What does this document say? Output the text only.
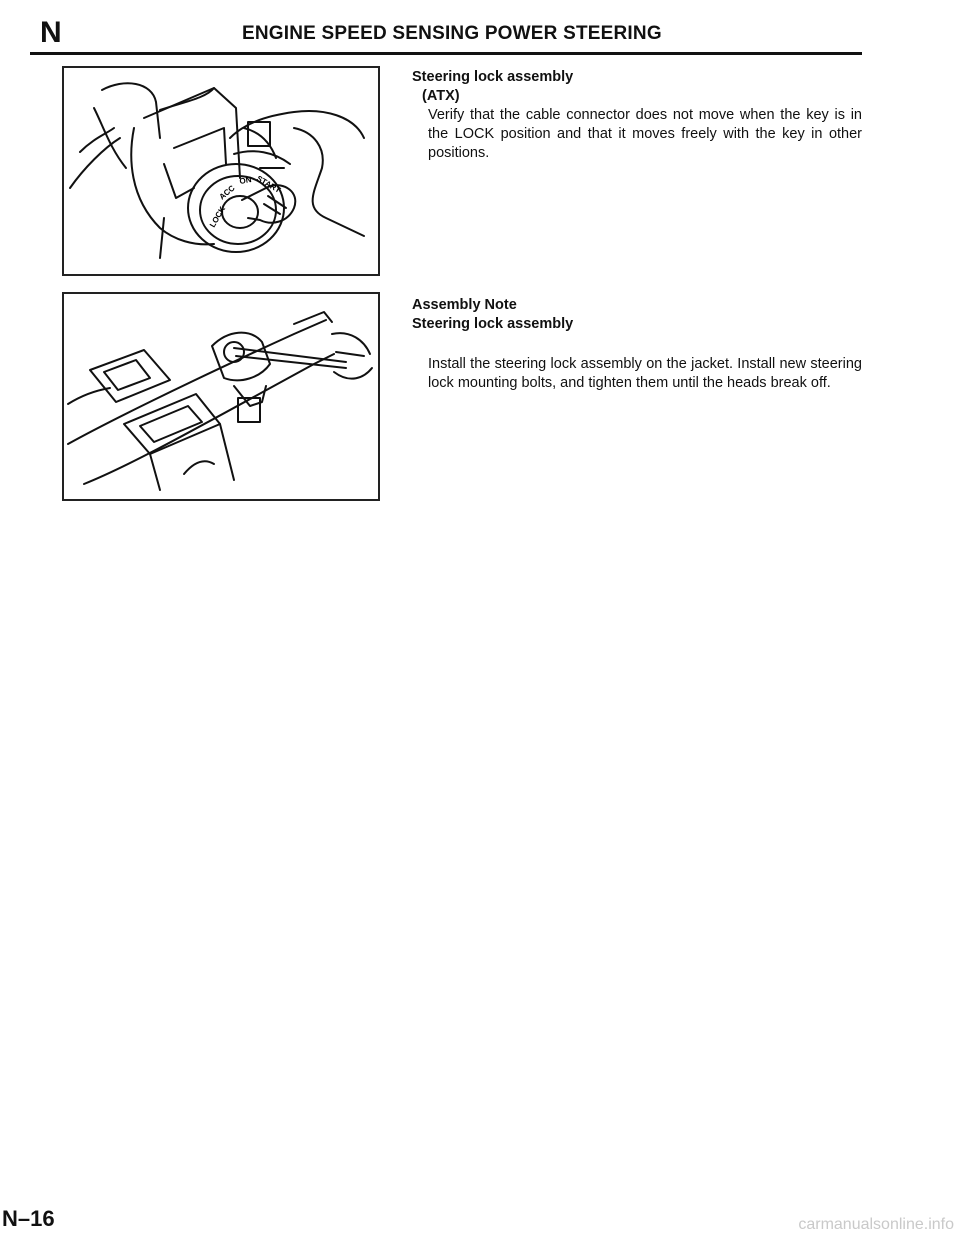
N	ENGINE SPEED SENSING POWER STEERING
LOCK
ACC
ON START
Steering lock assembly
(ATX)
Verify that the cable connector does not move when the key is in the LOCK position and that it moves freely with the key in other positions.
Assembly Note
Steering lock assembly
Install the steering lock assembly on the jacket. Install new steering lock mounting bolts, and tighten them until the heads break off.
N–16	carmanualsonline.info
